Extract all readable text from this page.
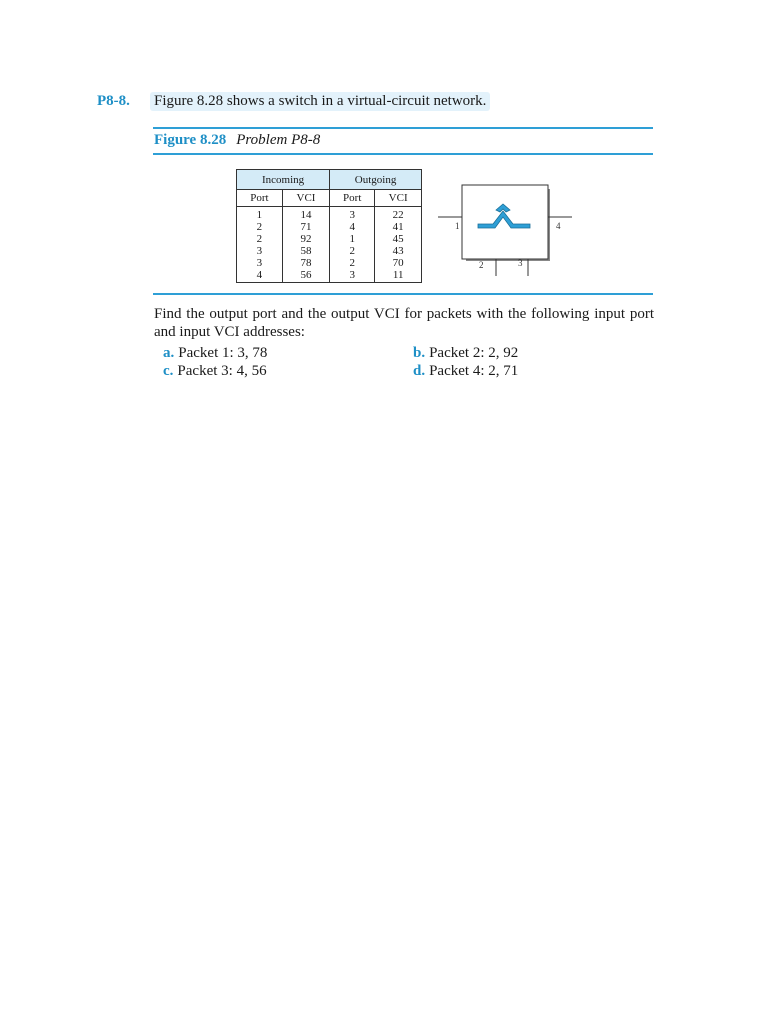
P8-8. Figure 8.28 shows a switch in a virtual-circuit network.
Figure 8.28 Problem P8-8
Incoming		Outgoing	
Port	VCI	Port	VCI
1	14	3	22
2	71	4	41
2	92	1	45
3	58	2	43
3	78	2	70
4	56	3	11
1
2	3
4
Find the output port and the output VCI for packets with the following input port and input VCI addresses:
a. Packet 1: 3, 78	b. Packet 2: 2, 92
c. Packet 3: 4, 56	d. Packet 4: 2, 71
